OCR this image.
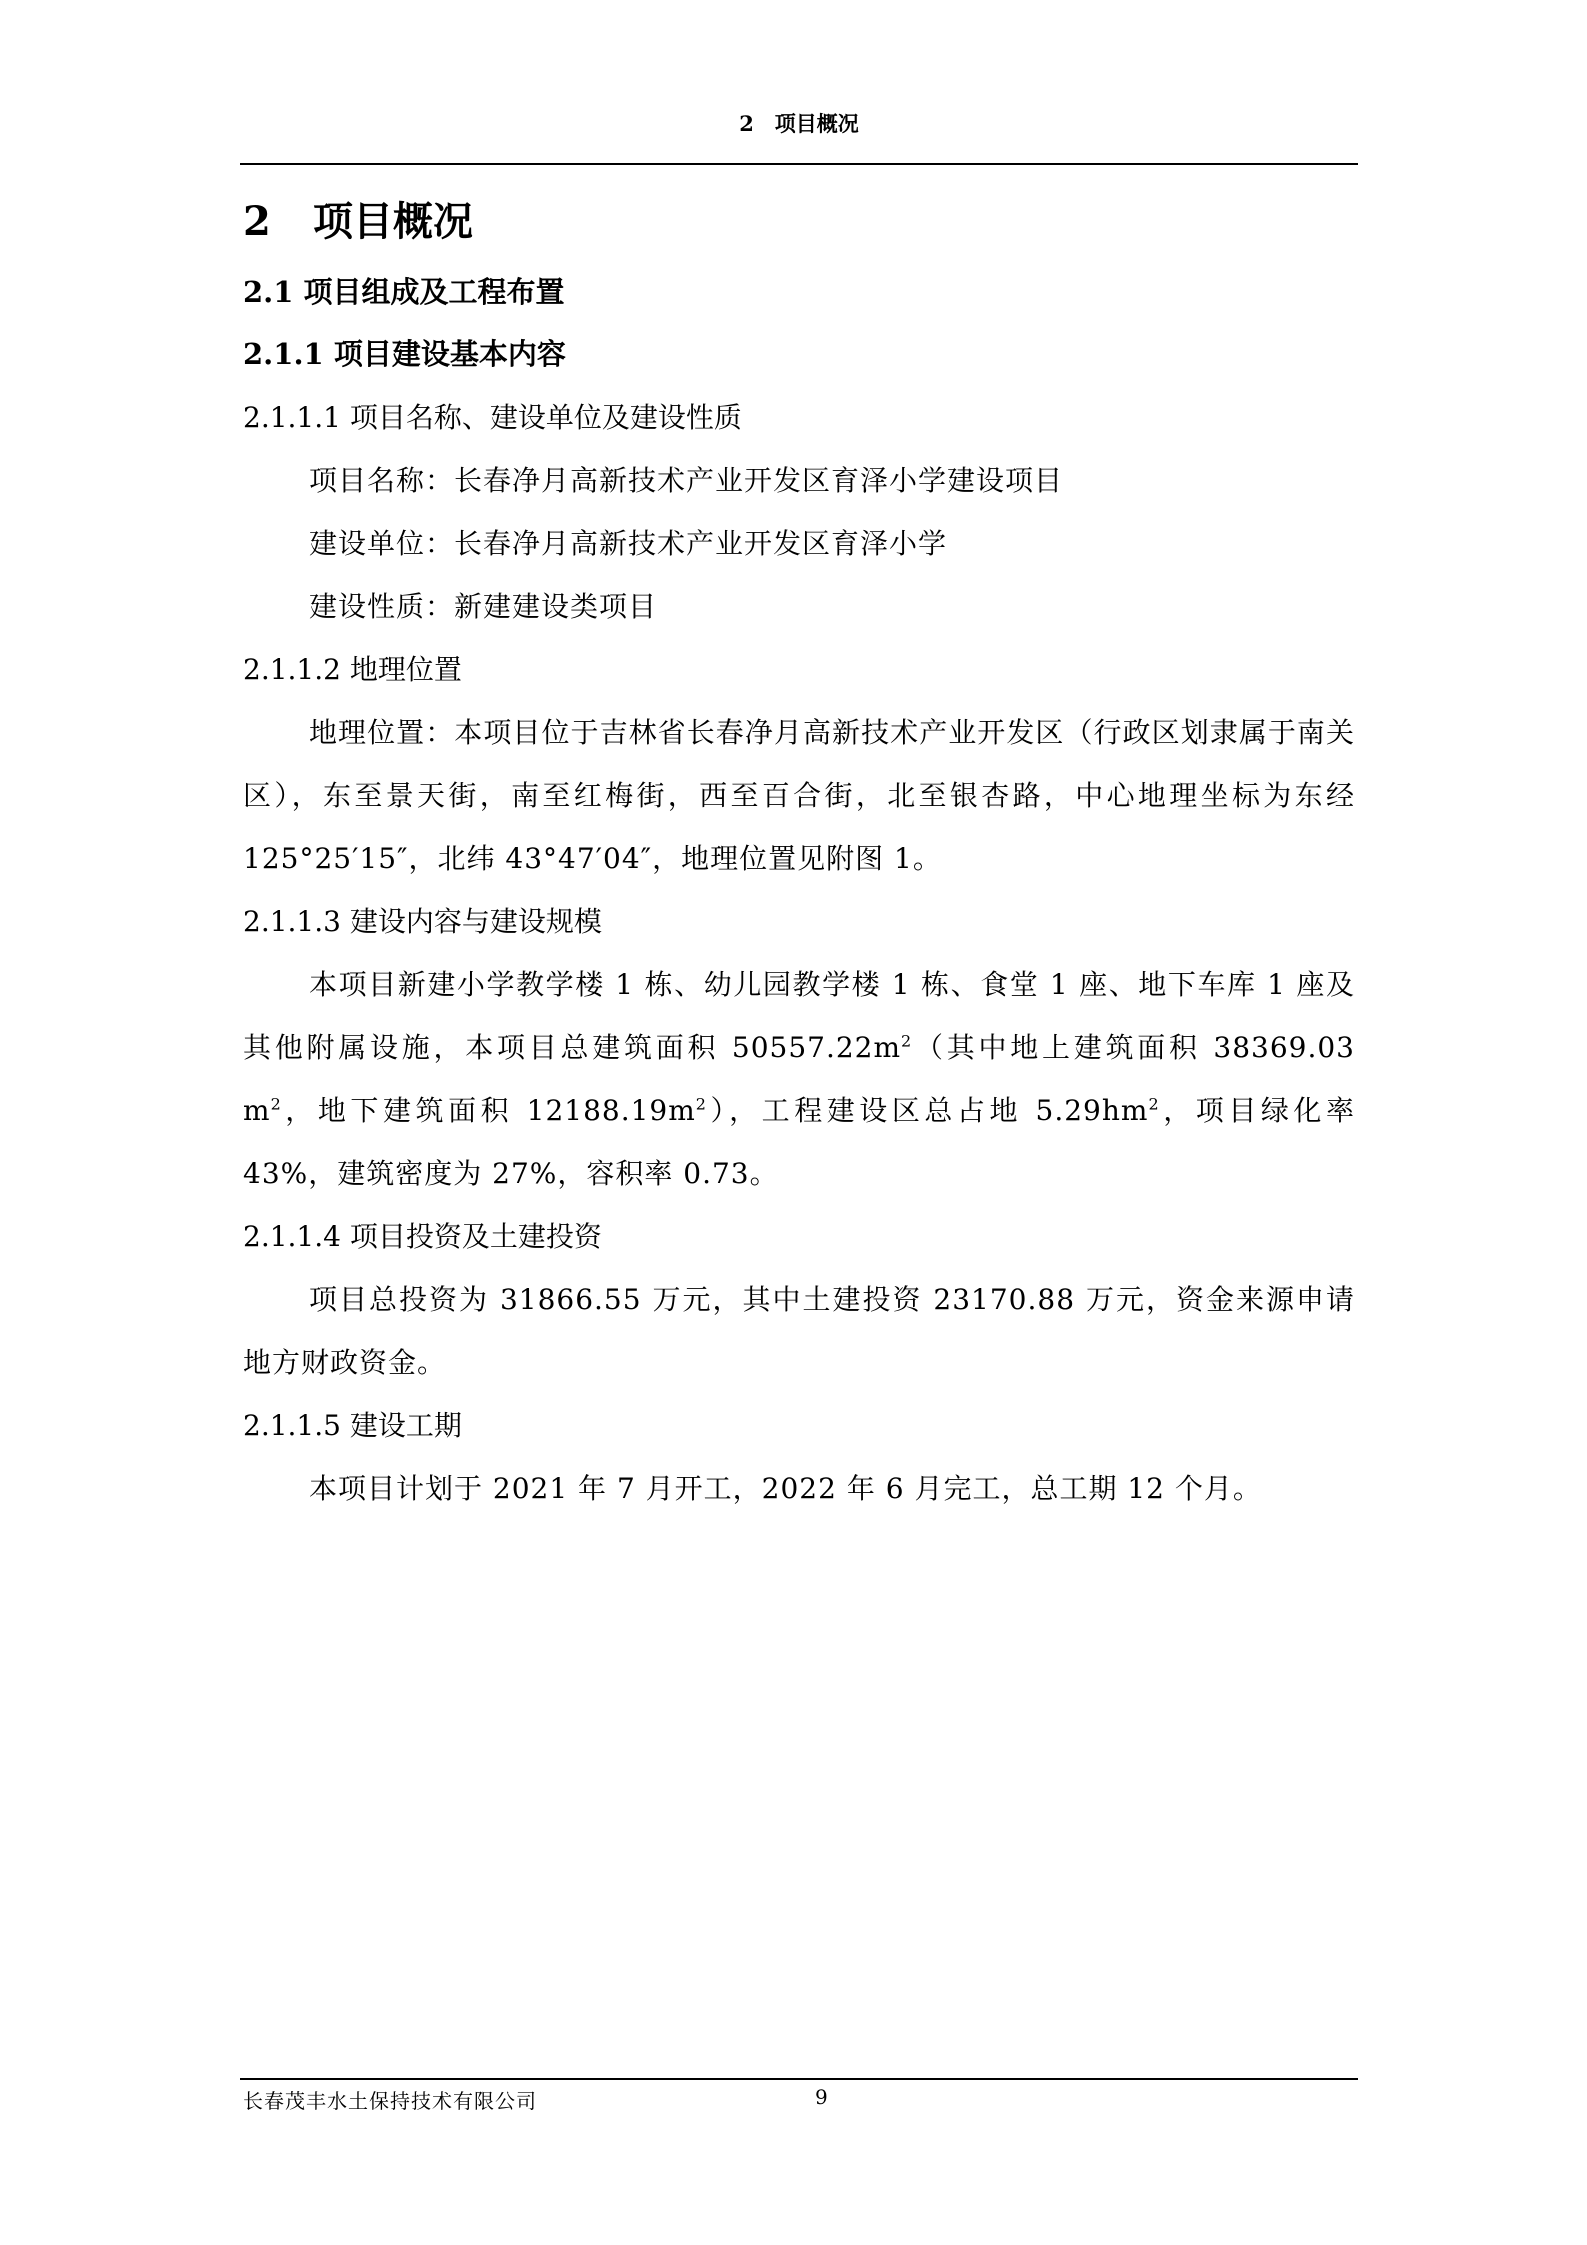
2　项目概况
2 项目概况
2.1 项目组成及工程布置
2.1.1 项目建设基本内容
2.1.1.1 项目名称、建设单位及建设性质
项目名称：长春净月高新技术产业开发区育泽小学建设项目
建设单位：长春净月高新技术产业开发区育泽小学
建设性质：新建建设类项目
2.1.1.2 地理位置
地理位置：本项目位于吉林省长春净月高新技术产业开发区（行政区划隶属于南关区），东至景天街，南至红梅街，西至百合街，北至银杏路，中心地理坐标为东经 125°25′15″，北纬 43°47′04″，地理位置见附图 1。
2.1.1.3 建设内容与建设规模
本项目新建小学教学楼 1 栋、幼儿园教学楼 1 栋、食堂 1 座、地下车库 1 座及其他附属设施，本项目总建筑面积 $50557.22m^2$（其中地上建筑面积 38369.03 $m^2$，地下建筑面积 $12188.19m^2$），工程建设区总占地 $5.29hm^2$，项目绿化率 43%，建筑密度为 27%，容积率 0.73。
2.1.1.4 项目投资及土建投资
项目总投资为 31866.55 万元，其中土建投资 23170.88 万元，资金来源申请地方财政资金。
2.1.1.5 建设工期
本项目计划于 2021 年 7 月开工，2022 年 6 月完工，总工期 12 个月。
长春茂丰水土保持技术有限公司	9
